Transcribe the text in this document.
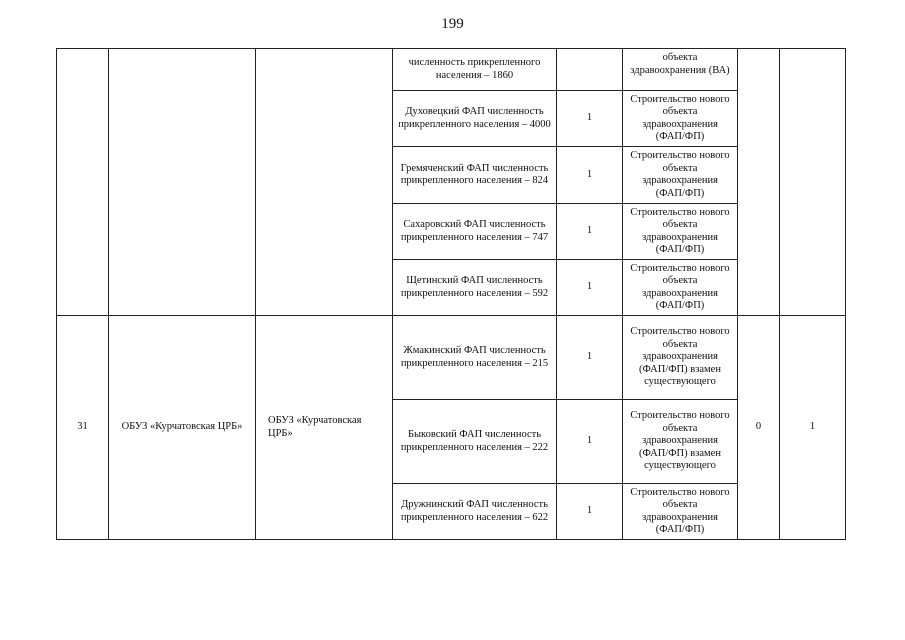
199
			численность прикрепленного населения – 1860		объекта здравоохранения (ВА)		
			Духовецкий ФАП численность прикрепленного населения – 4000	1	Строительство нового объекта здравоохранения (ФАП/ФП)		
			Гремяченский ФАП численность прикрепленного населения – 824	1	Строительство нового объекта здравоохранения (ФАП/ФП)		
			Сахаровский ФАП численность прикрепленного населения – 747	1	Строительство нового объекта здравоохранения (ФАП/ФП)		
			Щетинский ФАП численность прикрепленного населения – 592	1	Строительство нового объекта здравоохранения (ФАП/ФП)		
31	ОБУЗ «Курчатовская ЦРБ»	ОБУЗ «Курчатовская ЦРБ»	Жмакинский ФАП численность прикрепленного населения – 215	1	Строительство нового объекта здравоохранения (ФАП/ФП) взамен существующего	0	1
			Быковский ФАП численность прикрепленного населения – 222	1	Строительство нового объекта здравоохранения (ФАП/ФП) взамен существующего		
			Дружнинский ФАП численность прикрепленного населения – 622	1	Строительство нового объекта здравоохранения (ФАП/ФП)		
